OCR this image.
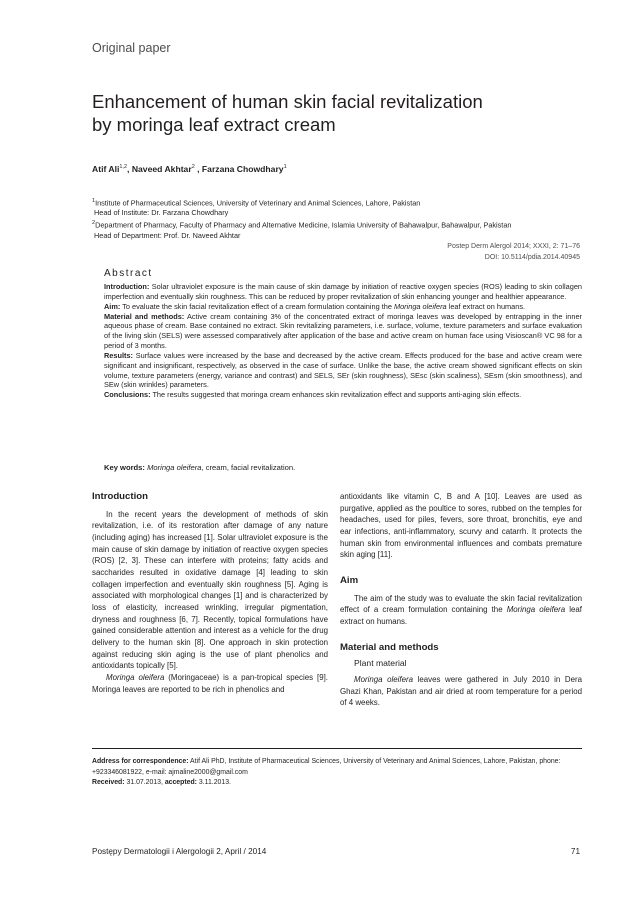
Original paper
Enhancement of human skin facial revitalization
by moringa leaf extract cream
Atif Ali$^{1,2}$, Naveed Akhtar$^2$ , Farzana Chowdhary$^1$
$^1$Institute of Pharmaceutical Sciences, University of Veterinary and Animal Sciences, Lahore, Pakistan
Head of Institute: Dr. Farzana Chowdhary
$^2$Department of Pharmacy, Faculty of Pharmacy and Alternative Medicine, Islamia University of Bahawalpur, Bahawalpur, Pakistan
Head of Department: Prof. Dr. Naveed Akhtar
Postep Derm Alergol 2014; XXXI, 2: 71–76
DOI: 10.5114/pdia.2014.40945
Abstract

Introduction: Solar ultraviolet exposure is the main cause of skin damage by initiation of reactive oxygen species (ROS) leading to skin collagen imperfection and eventually skin roughness. This can be reduced by proper revitalization of skin enhancing younger and healthier appearance.

Aim: To evaluate the skin facial revitalization effect of a cream formulation containing the Moringa oleifera leaf extract on humans.

Material and methods: Active cream containing 3% of the concentrated extract of moringa leaves was developed by entrapping in the inner aqueous phase of cream. Base contained no extract. Skin revitalizing parameters, i.e. surface, volume, texture parameters and surface evaluation of the living skin (SELS) were assessed comparatively after application of the base and active cream on human face using Visioscan® VC 98 for a period of 3 months.

Results: Surface values were increased by the base and decreased by the active cream. Effects produced for the base and active cream were significant and insignificant, respectively, as observed in the case of surface. Unlike the base, the active cream showed significant effects on skin volume, texture parameters (energy, variance and contrast) and SELS, SEr (skin roughness), SEsc (skin scaliness), SEsm (skin smoothness), and SEw (skin wrinkles) parameters.

Conclusions: The results suggested that moringa cream enhances skin revitalization effect and supports anti-aging skin effects.

Key words: Moringa oleifera, cream, facial revitalization.
Introduction

In the recent years the development of methods of skin revitalization, i.e. of its restoration after damage of any nature (including aging) has increased [1]. Solar ultraviolet exposure is the main cause of skin damage by initiation of reactive oxygen species (ROS) [2, 3]. These can interfere with proteins; fatty acids and saccharides resulted in oxidative damage [4] leading to skin collagen imperfection and eventually skin roughness [5]. Aging is associated with morphological changes [1] and is characterized by loss of elasticity, increased wrinkling, irregular pigmentation, dryness and roughness [6, 7]. Recently, topical formulations have gained considerable attention and interest as a vehicle for the drug delivery to the human skin [8]. One approach in skin protection against reducing skin aging is the use of plant phenolics and antioxidants topically [5].

Moringa oleifera (Moringaceae) is a pan-tropical species [9]. Moringa leaves are reported to be rich in phenolics and

antioxidants like vitamin C, B and A [10]. Leaves are used as purgative, applied as the poultice to sores, rubbed on the temples for headaches, used for piles, fevers, sore throat, bronchitis, eye and ear infections, anti-inflammatory, scurvy and catarrh. It protects the human skin from environmental influences and combats premature skin aging [11].

Aim

The aim of the study was to evaluate the skin facial revitalization effect of a cream formulation containing the Moringa oleifera leaf extract on humans.

Material and methods
Plant material

Moringa oleifera leaves were gathered in July 2010 in Dera Ghazi Khan, Pakistan and air dried at room temperature for a period of 4 weeks.

Address for correspondence: Atif Ali PhD, Institute of Pharmaceutical Sciences, University of Veterinary and Animal Sciences, Lahore, Pakistan, phone: +923346081922, e-mail: ajmaline2000@gmail.com
Received: 31.07.2013, accepted: 3.11.2013.
Postępy Dermatologii i Alergologii 2, April / 2014	71
